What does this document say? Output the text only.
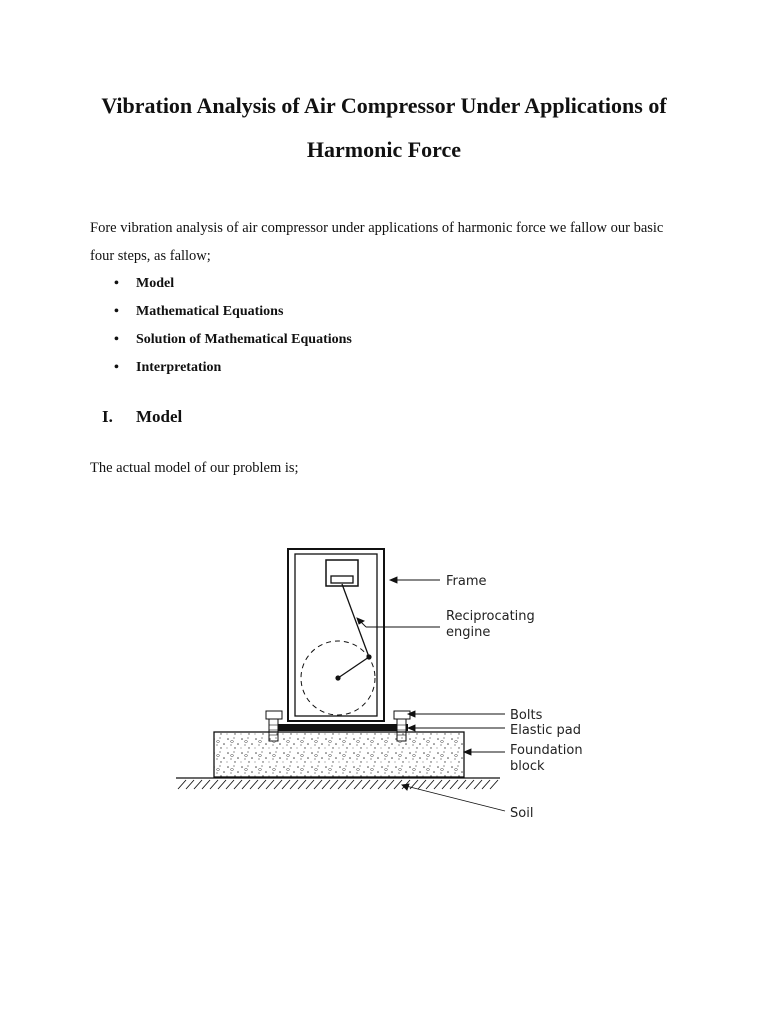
Vibration Analysis of Air Compressor Under Applications of Harmonic Force

Fore vibration analysis of air compressor under applications of harmonic force we fallow our basic four steps, as fallow;

• Model
• Mathematical Equations
• Solution of Mathematical Equations
• Interpretation
I. Model

The actual model of our problem is;

Frame
Reciprocating
engine
Bolts
Elastic pad
Foundation
block
Soil
